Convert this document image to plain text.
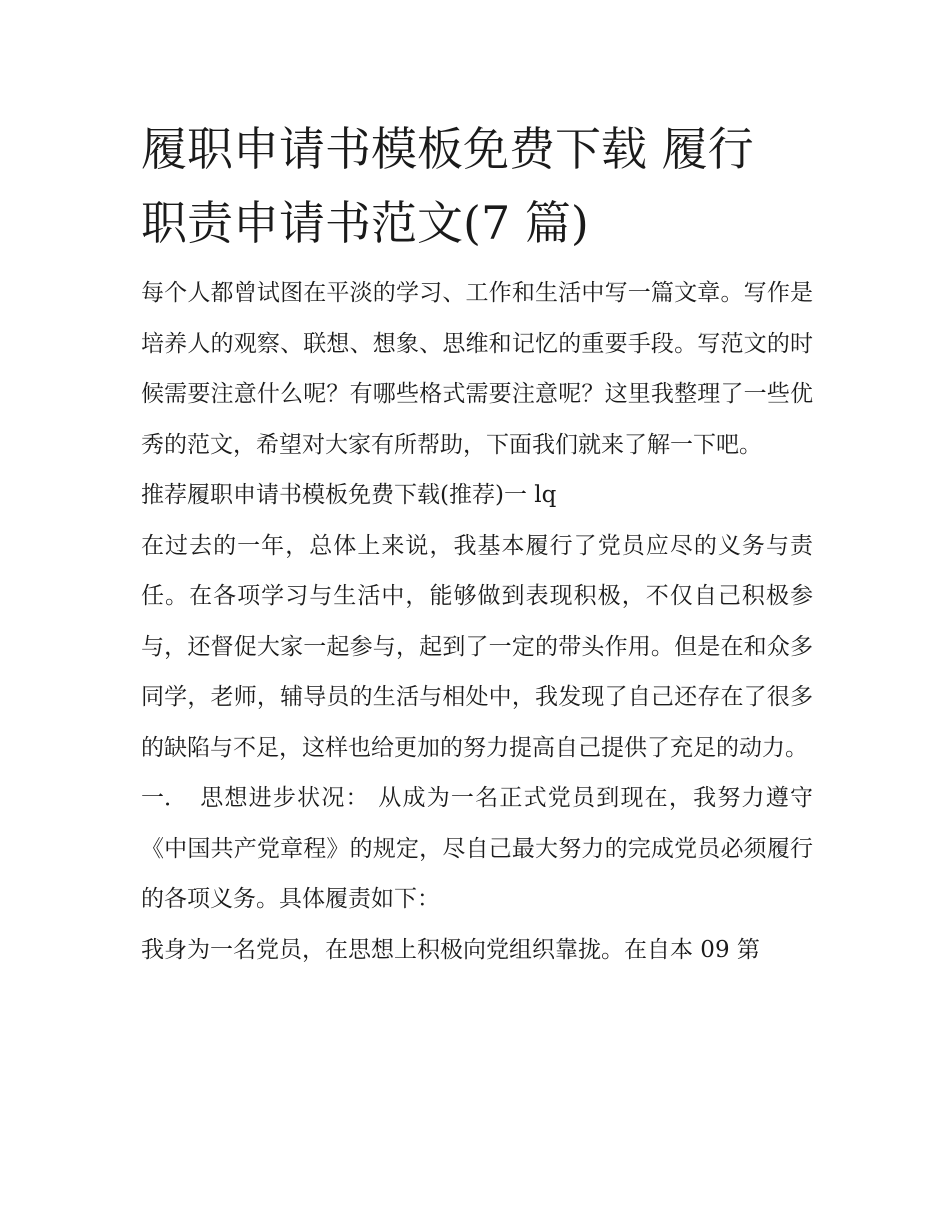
履职申请书模板免费下载 履行
职责申请书范文(7 篇)

每个人都曾试图在平淡的学习、工作和生活中写一篇文章。写作是培养人的观察、联想、想象、思维和记忆的重要手段。写范文的时候需要注意什么呢？有哪些格式需要注意呢？这里我整理了一些优秀的范文，希望对大家有所帮助，下面我们就来了解一下吧。

推荐履职申请书模板免费下载(推荐)一 lq

在过去的一年，总体上来说，我基本履行了党员应尽的义务与责任。在各项学习与生活中，能够做到表现积极，不仅自己积极参与，还督促大家一起参与，起到了一定的带头作用。但是在和众多同学，老师，辅导员的生活与相处中，我发现了自己还存在了很多的缺陷与不足，这样也给更加的努力提高自己提供了充足的动力。

一． 思想进步状况： 从成为一名正式党员到现在，我努力遵守《中国共产党章程》的规定，尽自己最大努力的完成党员必须履行的各项义务。具体履责如下：

我身为一名党员，在思想上积极向党组织靠拢。在自本 09 第
